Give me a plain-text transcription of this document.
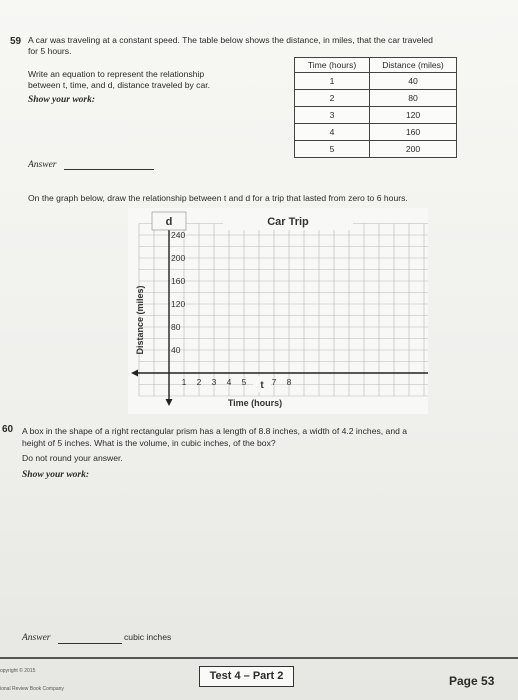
59 A car was traveling at a constant speed. The table below shows the distance, in miles, that the car traveled
for 5 hours.
Write an equation to represent the relationship
between t, time, and d, distance traveled by car.
Show your work:
Time (hours)	Distance (miles)
1	40
2	80
3	120
4	160
5	200
Answer
On the graph below, draw the relationship between t and d for a trip that lasted from zero to 6 hours.
1 2 3 4 5	7 8
40
80
120
160
200
240
d	Car Trip
t
Time (hours)
Distance (miles)
60 A box in the shape of a right rectangular prism has a length of 8.8 inches, a width of 4.2 inches, and a
height of 5 inches. What is the volume, in cubic inches, of the box?
Do not round your answer.
Show your work:
Answer	cubic inches
opyright © 2015
ional Review Book Company
Test 4 – Part 2	Page 53
